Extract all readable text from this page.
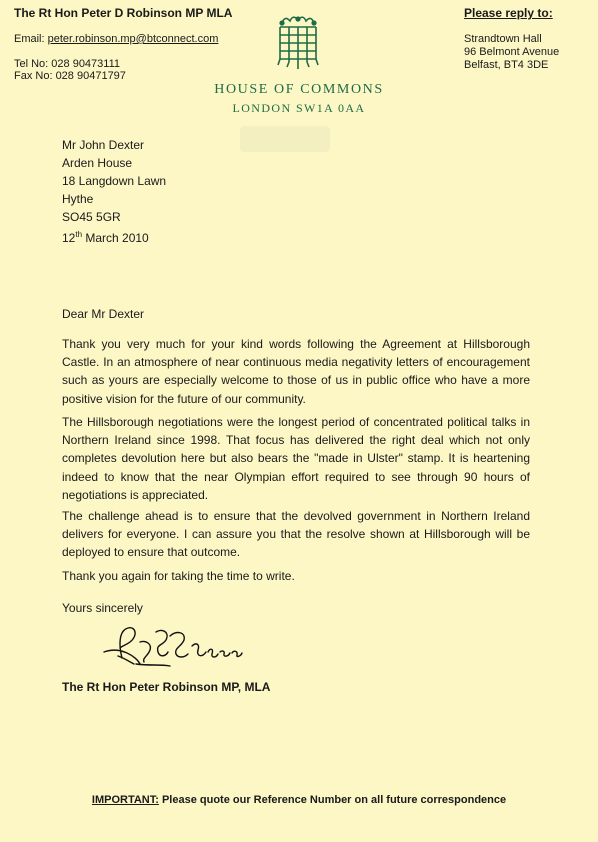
The Rt Hon Peter D Robinson MP MLA
Email: peter.robinson.mp@btconnect.com
Tel No: 028 90473111
Fax No: 028 90471797
Please reply to:
Strandtown Hall
96 Belmont Avenue
Belfast, BT4 3DE
HOUSE OF COMMONS
LONDON SW1A 0AA
Mr John Dexter
Arden House
18 Langdown Lawn
Hythe
SO45 5GR
12th March 2010
Dear Mr Dexter
Thank you very much for your kind words following the Agreement at Hillsborough Castle. In an atmosphere of near continuous media negativity letters of encouragement such as yours are especially welcome to those of us in public office who have a more positive vision for the future of our community.
The Hillsborough negotiations were the longest period of concentrated political talks in Northern Ireland since 1998. That focus has delivered the right deal which not only completes devolution here but also bears the "made in Ulster" stamp. It is heartening indeed to know that the near Olympian effort required to see through 90 hours of negotiations is appreciated.
The challenge ahead is to ensure that the devolved government in Northern Ireland delivers for everyone. I can assure you that the resolve shown at Hillsborough will be deployed to ensure that outcome.
Thank you again for taking the time to write.
Yours sincerely
The Rt Hon Peter Robinson MP, MLA
IMPORTANT: Please quote our Reference Number on all future correspondence
